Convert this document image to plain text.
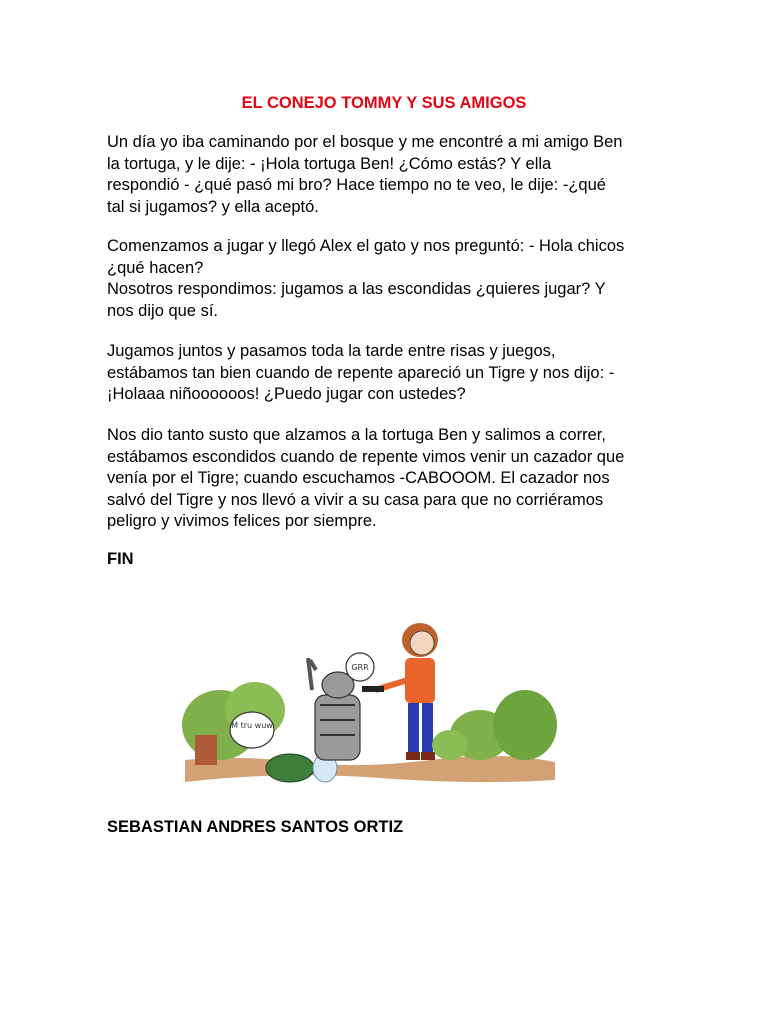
EL CONEJO TOMMY Y SUS AMIGOS

Un día yo iba caminando por el bosque y me encontré a mi amigo Ben
la tortuga, y le dije: - ¡Hola tortuga Ben! ¿Cómo estás? Y ella
respondió - ¿qué pasó mi bro? Hace tiempo no te veo, le dije: -¿qué
tal si jugamos? y ella aceptó.

Comenzamos a jugar y llegó Alex el gato y nos preguntó: - Hola chicos
¿qué hacen?
Nosotros respondimos: jugamos a las escondidas ¿quieres jugar? Y
nos dijo que sí.

Jugamos juntos y pasamos toda la tarde entre risas y juegos,
estábamos tan bien cuando de repente apareció un Tigre y nos dijo: -
¡Holaaa niñoooooos! ¿Puedo jugar con ustedes?

Nos dio tanto susto que alzamos a la tortuga Ben y salimos a correr,
estábamos escondidos cuando de repente vimos venir un cazador que
venía por el Tigre; cuando escuchamos -CABOOOM. El cazador nos
salvó del Tigre y nos llevó a vivir a su casa para que no corriéramos
peligro y vivimos felices por siempre.

FIN

M tru wuw
GRR

SEBASTIAN ANDRES SANTOS ORTIZ
